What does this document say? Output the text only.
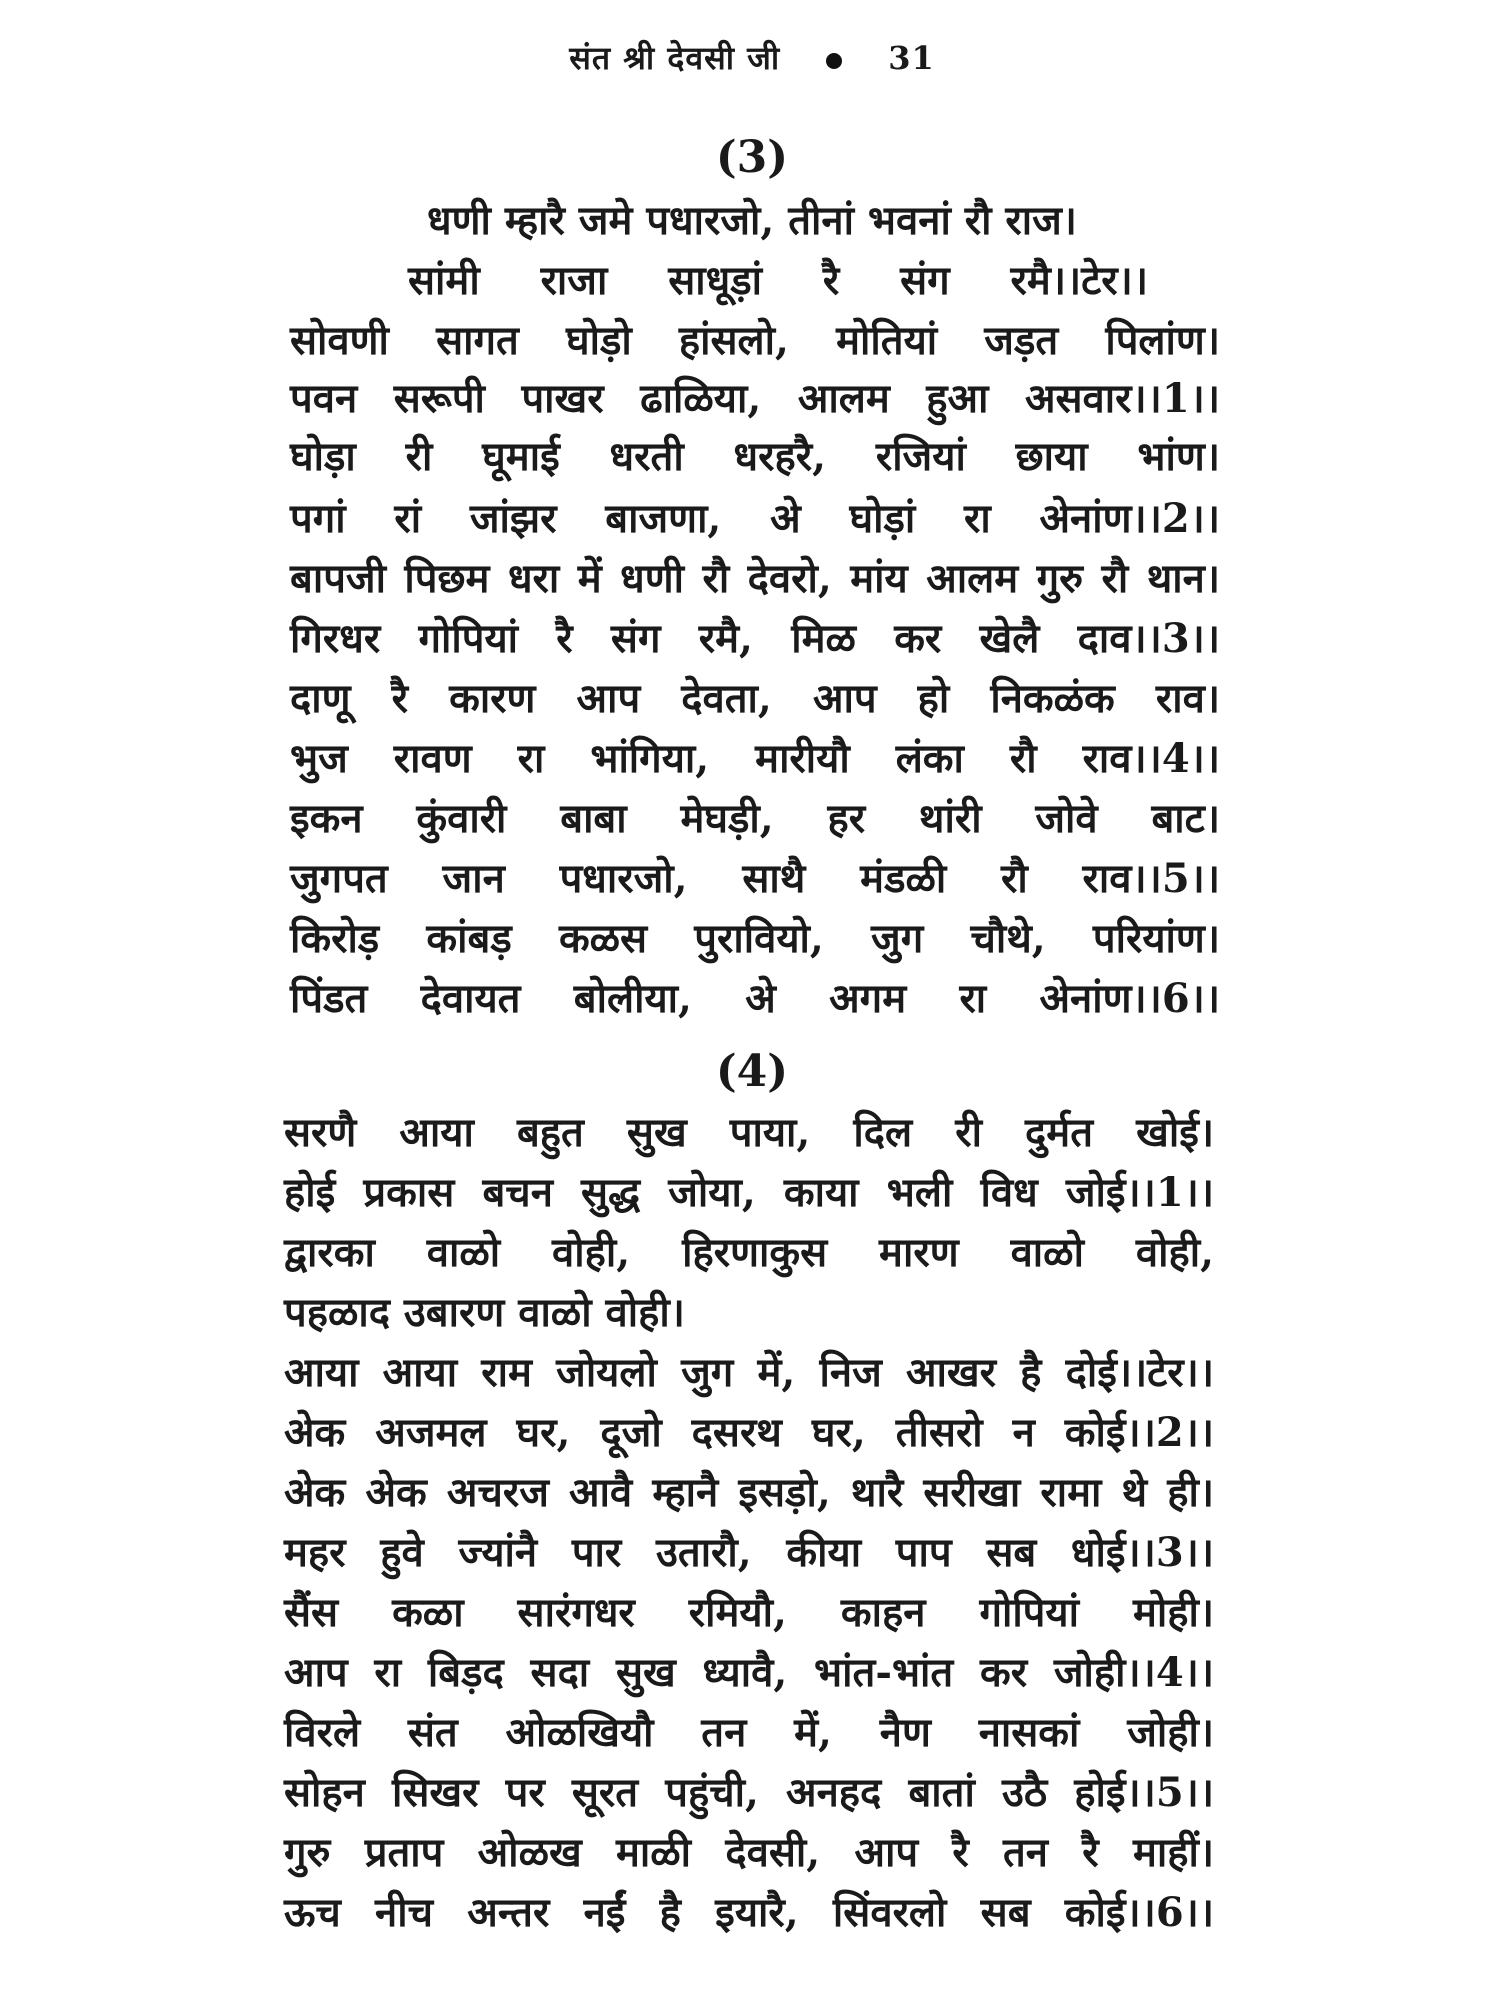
संत श्री देवसी जी	31
(3)
धणी म्हारै जमे पधारजो, तीनां भवनां रौ राज।
सांमी राजा साधूड़ां रै संग रमै।।टेर।।
सोवणी सागत घोड़ो हांसलो, मोतियां जड़त पिलांण।
पवन सरूपी पाखर ढाळिया, आलम हुआ असवार।।1।।
घोड़ा री घूमाई धरती धरहरै, रजियां छाया भांण।
पगां रां जांझर बाजणा, अे घोड़ां रा अेनांण।।2।।
बापजी पिछम धरा में धणी रौ देवरो, मांय आलम गुरु रौ थान।
गिरधर गोपियां रै संग रमै, मिळ कर खेलै दाव।।3।।
दाणू रै कारण आप देवता, आप हो निकळंक राव।
भुज रावण रा भांगिया, मारीयौ लंका रौ राव।।4।।
इकन कुंवारी बाबा मेघड़ी, हर थांरी जोवे बाट।
जुगपत जान पधारजो, साथै मंडळी रौ राव।।5।।
किरोड़ कांबड़ कळस पुरावियो, जुग चौथे, परियांण।
पिंडत देवायत बोलीया, अे अगम रा अेनांण।।6।।
(4)
सरणै आया बहुत सुख पाया, दिल री दुर्मत खोई।
होई प्रकास बचन सुद्ध जोया, काया भली विध जोई।।1।।
द्वारका वाळो वोही, हिरणाकुस मारण वाळो वोही,
पहळाद उबारण वाळो वोही।
आया आया राम जोयलो जुग में, निज आखर है दोई।।टेर।।
अेक अजमल घर, दूजो दसरथ घर, तीसरो न कोई।।2।।
अेक अेक अचरज आवै म्हानै इसड़ो, थारै सरीखा रामा थे ही।
महर हुवे ज्यांनै पार उतारौ, कीया पाप सब धोई।।3।।
सैंस कळा सारंगधर रमियौ, काहन गोपियां मोही।
आप रा बिड़द सदा सुख ध्यावै, भांत-भांत कर जोही।।4।।
विरले संत ओळखियौ तन में, नैण नासकां जोही।
सोहन सिखर पर सूरत पहुंची, अनहद बातां उठै होई।।5।।
गुरु प्रताप ओळख माळी देवसी, आप रै तन रै माहीं।
ऊच नीच अन्तर नईं है इयारै, सिंवरलो सब कोई।।6।।
